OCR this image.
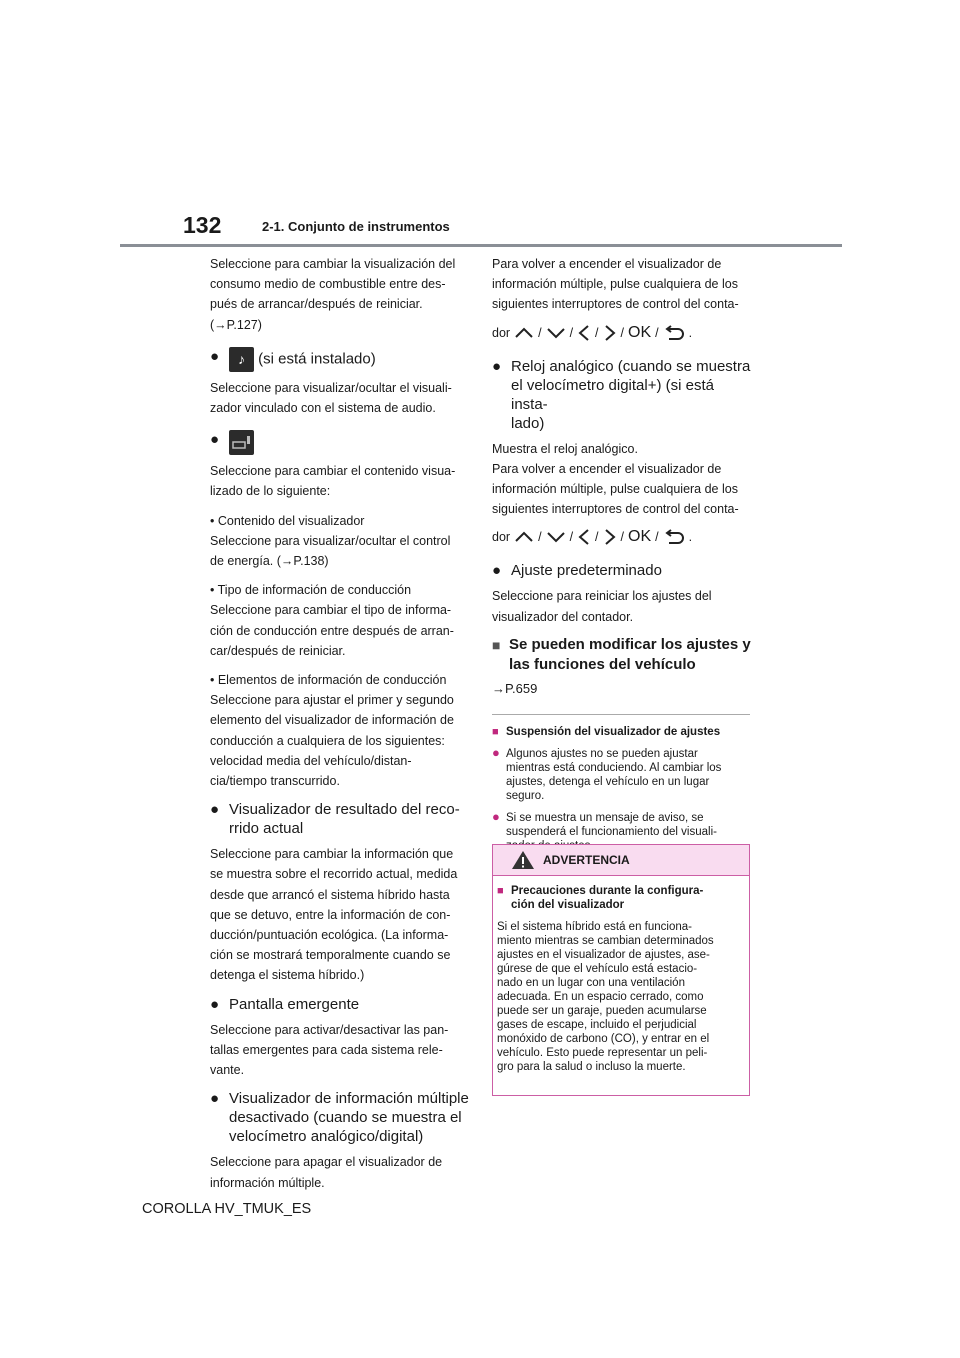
132	2-1. Conjunto de instrumentos

Seleccione para cambiar la visualización del

consumo medio de combustible entre des-

pués de arrancar/después de reiniciar.

(→P.127)

● ♪ (si está instalado)

Seleccione para visualizar/ocultar el visuali-

zador vinculado con el sistema de audio.

●

Seleccione para cambiar el contenido visua-

lizado de lo siguiente:

• Contenido del visualizador

Seleccione para visualizar/ocultar el control

de energía. (→P.138)

• Tipo de información de conducción

Seleccione para cambiar el tipo de informa-

ción de conducción entre después de arran-

car/después de reiniciar.

• Elementos de información de conducción

Seleccione para ajustar el primer y segundo

elemento del visualizador de información de

conducción a cualquiera de los siguientes:

velocidad media del vehículo/distan-

cia/tiempo transcurrido.

● Visualizador de resultado del reco-
rrido actual

Seleccione para cambiar la información que

se muestra sobre el recorrido actual, medida

desde que arrancó el sistema híbrido hasta

que se detuvo, entre la información de con-

ducción/puntuación ecológica. (La informa-

ción se mostrará temporalmente cuando se

detenga el sistema híbrido.)

● Pantalla emergente

Seleccione para activar/desactivar las pan-

tallas emergentes para cada sistema rele-

vante.

● Visualizador de información múltiple
desactivado (cuando se muestra el
velocímetro analógico/digital)

Seleccione para apagar el visualizador de

información múltiple.

Para volver a encender el visualizador de

información múltiple, pulse cualquiera de los

siguientes interruptores de control del conta-

dor /
/
/
/ OK /
.
● Reloj analógico (cuando se muestra
el velocímetro digital+) (si está insta-
lado)

Muestra el reloj analógico.

Para volver a encender el visualizador de

información múltiple, pulse cualquiera de los

siguientes interruptores de control del conta-

dor /
/
/
/ OK /
.
● Ajuste predeterminado

Seleccione para reiniciar los ajustes del

visualizador del contador.

■ Se pueden modificar los ajustes y
las funciones del vehículo
→P.659
■ Suspensión del visualizador de ajustes
● Algunos ajustes no se pueden ajustar
mientras está conduciendo. Al cambiar los
ajustes, detenga el vehículo en un lugar
seguro.
● Si se muestra un mensaje de aviso, se
suspenderá el funcionamiento del visuali-
ADVERTENCIA
■ Precauciones durante la configura-
ción del visualizador
Si el sistema híbrido está en funciona-
miento mientras se cambian determinados
ajustes en el visualizador de ajustes, ase-
gúrese de que el vehículo está estacio-
nado en un lugar con una ventilación
adecuada. En un espacio cerrado, como
puede ser un garaje, pueden acumularse
gases de escape, incluido el perjudicial
monóxido de carbono (CO), y entrar en el
vehículo. Esto puede representar un peli-
gro para la salud o incluso la muerte.
COROLLA HV_TMUK_ES
